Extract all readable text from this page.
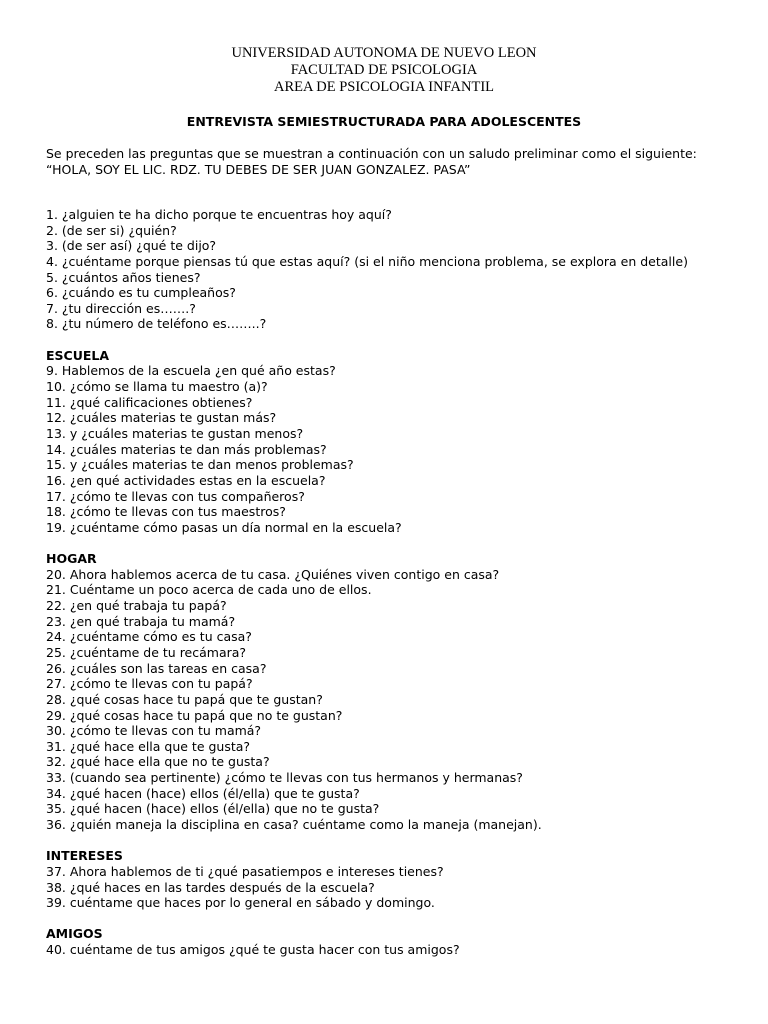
UNIVERSIDAD AUTONOMA DE NUEVO LEON
FACULTAD DE PSICOLOGIA
AREA DE PSICOLOGIA INFANTIL
ENTREVISTA SEMIESTRUCTURADA PARA ADOLESCENTES
Se preceden las preguntas que se muestran a continuación con un saludo preliminar como el siguiente:
“HOLA, SOY EL LIC. RDZ. TU DEBES DE SER JUAN GONZALEZ. PASA”
1. ¿alguien te ha dicho porque te encuentras hoy aquí?
2. (de ser si) ¿quién?
3. (de ser así) ¿qué te dijo?
4. ¿cuéntame porque piensas tú que estas aquí? (si el niño menciona problema, se explora en detalle)
5. ¿cuántos años tienes?
6. ¿cuándo es tu cumpleaños?
7. ¿tu dirección es…….?
8. ¿tu número de teléfono es……..?
ESCUELA
9. Hablemos de la escuela ¿en qué año estas?
10. ¿cómo se llama tu maestro (a)?
11. ¿qué calificaciones obtienes?
12. ¿cuáles materias te gustan más?
13. y ¿cuáles materias te gustan menos?
14. ¿cuáles materias te dan más problemas?
15. y ¿cuáles materias te dan menos problemas?
16. ¿en qué actividades estas en la escuela?
17. ¿cómo te llevas con tus compañeros?
18. ¿cómo te llevas con tus maestros?
19. ¿cuéntame cómo pasas un día normal en la escuela?
HOGAR
20. Ahora hablemos acerca de tu casa. ¿Quiénes viven contigo en casa?
21. Cuéntame un poco acerca de cada uno de ellos.
22. ¿en qué trabaja tu papá?
23. ¿en qué trabaja tu mamá?
24. ¿cuéntame cómo es tu casa?
25. ¿cuéntame de tu recámara?
26. ¿cuáles son las tareas en casa?
27. ¿cómo te llevas con tu papá?
28. ¿qué cosas hace tu papá que te gustan?
29. ¿qué cosas hace tu papá que no te gustan?
30. ¿cómo te llevas con tu mamá?
31. ¿qué hace ella que te gusta?
32. ¿qué hace ella que no te gusta?
33. (cuando sea pertinente) ¿cómo te llevas con tus hermanos y hermanas?
34. ¿qué hacen (hace) ellos (él/ella) que te gusta?
35. ¿qué hacen (hace) ellos (él/ella) que no te gusta?
36. ¿quién maneja la disciplina en casa? cuéntame como la maneja (manejan).
INTERESES
37. Ahora hablemos de ti ¿qué pasatiempos e intereses tienes?
38. ¿qué haces en las tardes después de la escuela?
39. cuéntame que haces por lo general en sábado y domingo.
AMIGOS
40. cuéntame de tus amigos ¿qué te gusta hacer con tus amigos?
